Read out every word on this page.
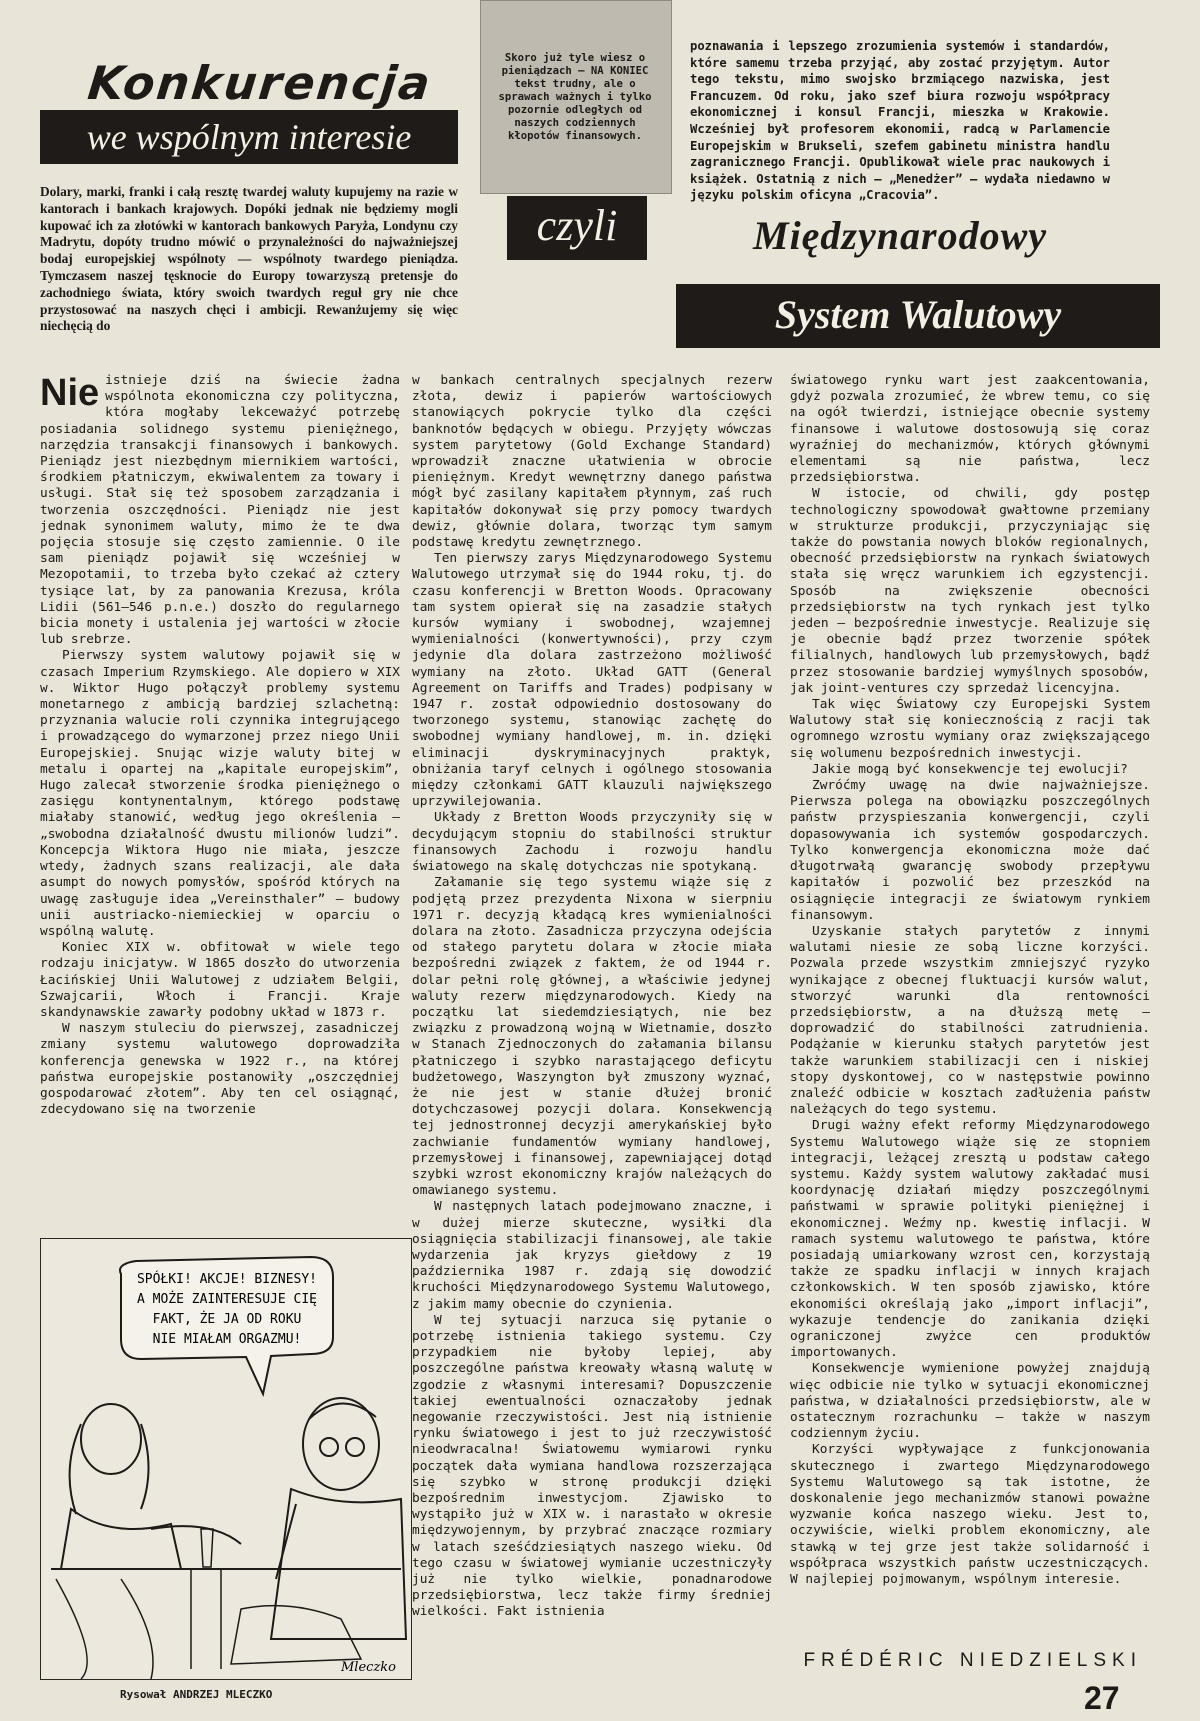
Konkurencja
we wspólnym interesie
Dolary, marki, franki i całą resztę twardej waluty kupujemy na razie w kantorach i bankach krajowych. Dopóki jednak nie będziemy mogli kupować ich za złotówki w kantorach bankowych Paryża, Londynu czy Madrytu, dopóty trudno mówić o przynależności do najważniejszej bodaj europejskiej wspólnoty — wspólnoty twardego pieniądza. Tymczasem naszej tęsknocie do Europy towarzyszą pretensje do zachodniego świata, który swoich twardych reguł gry nie chce przystosować na naszych chęci i ambicji. Rewanżujemy się więc niechęcią do
Skoro już tyle wiesz o pieniądzach — NA KONIEC tekst trudny, ale o sprawach ważnych i tylko pozornie odległych od naszych codziennych kłopotów finansowych.
czyli
poznawania i lepszego zrozumienia systemów i standardów, które samemu trzeba przyjąć, aby zostać przyjętym. Autor tego tekstu, mimo swojsko brzmiącego nazwiska, jest Francuzem. Od roku, jako szef biura rozwoju współpracy ekonomicznej i konsul Francji, mieszka w Krakowie. Wcześniej był profesorem ekonomii, radcą w Parlamencie Europejskim w Brukseli, szefem gabinetu ministra handlu zagranicznego Francji. Opublikował wiele prac naukowych i książek. Ostatnią z nich — „Menedżer” — wydała niedawno w języku polskim oficyna „Cracovia”.
Międzynarodowy
System Walutowy

Nie istnieje dziś na świecie żadna wspólnota ekonomiczna czy polityczna, która mogłaby lekceważyć potrzebę posiadania solidnego systemu pieniężnego, narzędzia transakcji finansowych i bankowych. Pieniądz jest niezbędnym miernikiem wartości, środkiem płatniczym, ekwiwalentem za towary i usługi. Stał się też sposobem zarządzania i tworzenia oszczędności. Pieniądz nie jest jednak synonimem waluty, mimo że te dwa pojęcia stosuje się często zamiennie. O ile sam pieniądz pojawił się wcześniej w Mezopotamii, to trzeba było czekać aż cztery tysiące lat, by za panowania Krezusa, króla Lidii (561—546 p.n.e.) doszło do regularnego bicia monety i ustalenia jej wartości w złocie lub srebrze.

Pierwszy system walutowy pojawił się w czasach Imperium Rzymskiego. Ale dopiero w XIX w. Wiktor Hugo połączył problemy systemu monetarnego z ambicją bardziej szlachetną: przyznania walucie roli czynnika integrującego i prowadzącego do wymarzonej przez niego Unii Europejskiej. Snując wizje waluty bitej w metalu i opartej na „kapitale europejskim”, Hugo zalecał stworzenie środka pieniężnego o zasięgu kontynentalnym, którego podstawę miałaby stanowić, według jego określenia — „swobodna działalność dwustu milionów ludzi”. Koncepcja Wiktora Hugo nie miała, jeszcze wtedy, żadnych szans realizacji, ale dała asumpt do nowych pomysłów, spośród których na uwagę zasługuje idea „Vereinsthaler” — budowy unii austriacko-niemieckiej w oparciu o wspólną walutę.

Koniec XIX w. obfitował w wiele tego rodzaju inicjatyw. W 1865 doszło do utworzenia Łacińskiej Unii Walutowej z udziałem Belgii, Szwajcarii, Włoch i Francji. Kraje skandynawskie zawarły podobny układ w 1873 r.

W naszym stuleciu do pierwszej, zasadniczej zmiany systemu walutowego doprowadziła konferencja genewska w 1922 r., na której państwa europejskie postanowiły „oszczędniej gospodarować złotem”. Aby ten cel osiągnąć, zdecydowano się na tworzenie

SPÓŁKI! AKCJE! BIZNESY!
A MOŻE ZAINTERESUJE CIĘ
FAKT, ŻE JA OD ROKU
NIE MIAŁAM ORGAZMU!
Mleczko
Rysował ANDRZEJ MLECZKO

w bankach centralnych specjalnych rezerw złota, dewiz i papierów wartościowych stanowiących pokrycie tylko dla części banknotów będących w obiegu. Przyjęty wówczas system parytetowy (Gold Exchange Standard) wprowadził znaczne ułatwienia w obrocie pieniężnym. Kredyt wewnętrzny danego państwa mógł być zasilany kapitałem płynnym, zaś ruch kapitałów dokonywał się przy pomocy twardych dewiz, głównie dolara, tworząc tym samym podstawę kredytu zewnętrznego.

Ten pierwszy zarys Międzynarodowego Systemu Walutowego utrzymał się do 1944 roku, tj. do czasu konferencji w Bretton Woods. Opracowany tam system opierał się na zasadzie stałych kursów wymiany i swobodnej, wzajemnej wymienialności (konwertywności), przy czym jedynie dla dolara zastrzeżono możliwość wymiany na złoto. Układ GATT (General Agreement on Tariffs and Trades) podpisany w 1947 r. został odpowiednio dostosowany do tworzonego systemu, stanowiąc zachętę do swobodnej wymiany handlowej, m. in. dzięki eliminacji dyskryminacyjnych praktyk, obniżania taryf celnych i ogólnego stosowania między członkami GATT klauzuli największego uprzywilejowania.

Układy z Bretton Woods przyczyniły się w decydującym stopniu do stabilności struktur finansowych Zachodu i rozwoju handlu światowego na skalę dotychczas nie spotykaną.

Załamanie się tego systemu wiąże się z podjętą przez prezydenta Nixona w sierpniu 1971 r. decyzją kładącą kres wymienialności dolara na złoto. Zasadnicza przyczyna odejścia od stałego parytetu dolara w złocie miała bezpośredni związek z faktem, że od 1944 r. dolar pełni rolę głównej, a właściwie jedynej waluty rezerw międzynarodowych. Kiedy na początku lat siedemdziesiątych, nie bez związku z prowadzoną wojną w Wietnamie, doszło w Stanach Zjednoczonych do załamania bilansu płatniczego i szybko narastającego deficytu budżetowego, Waszyngton był zmuszony wyznać, że nie jest w stanie dłużej bronić dotychczasowej pozycji dolara. Konsekwencją tej jednostronnej decyzji amerykańskiej było zachwianie fundamentów wymiany handlowej, przemysłowej i finansowej, zapewniającej dotąd szybki wzrost ekonomiczny krajów należących do omawianego systemu.

W następnych latach podejmowano znaczne, i w dużej mierze skuteczne, wysiłki dla osiągnięcia stabilizacji finansowej, ale takie wydarzenia jak kryzys giełdowy z 19 października 1987 r. zdają się dowodzić kruchości Międzynarodowego Systemu Walutowego, z jakim mamy obecnie do czynienia.

W tej sytuacji narzuca się pytanie o potrzebę istnienia takiego systemu. Czy przypadkiem nie byłoby lepiej, aby poszczególne państwa kreowały własną walutę w zgodzie z własnymi interesami? Dopuszczenie takiej ewentualności oznaczałoby jednak negowanie rzeczywistości. Jest nią istnienie rynku światowego i jest to już rzeczywistość nieodwracalna! Światowemu wymiarowi rynku początek dała wymiana handlowa rozszerzająca się szybko w stronę produkcji dzięki bezpośrednim inwestycjom. Zjawisko to wystąpiło już w XIX w. i narastało w okresie międzywojennym, by przybrać znaczące rozmiary w latach sześćdziesiątych naszego wieku. Od tego czasu w światowej wymianie uczestniczyły już nie tylko wielkie, ponadnarodowe przedsiębiorstwa, lecz także firmy średniej wielkości. Fakt istnienia

światowego rynku wart jest zaakcentowania, gdyż pozwala zrozumieć, że wbrew temu, co się na ogół twierdzi, istniejące obecnie systemy finansowe i walutowe dostosowują się coraz wyraźniej do mechanizmów, których głównymi elementami są nie państwa, lecz przedsiębiorstwa.

W istocie, od chwili, gdy postęp technologiczny spowodował gwałtowne przemiany w strukturze produkcji, przyczyniając się także do powstania nowych bloków regionalnych, obecność przedsiębiorstw na rynkach światowych stała się wręcz warunkiem ich egzystencji. Sposób na zwiększenie obecności przedsiębiorstw na tych rynkach jest tylko jeden — bezpośrednie inwestycje. Realizuje się je obecnie bądź przez tworzenie spółek filialnych, handlowych lub przemysłowych, bądź przez stosowanie bardziej wymyślnych sposobów, jak joint-ventures czy sprzedaż licencyjna.

Tak więc Światowy czy Europejski System Walutowy stał się koniecznością z racji tak ogromnego wzrostu wymiany oraz zwiększającego się wolumenu bezpośrednich inwestycji.

Jakie mogą być konsekwencje tej ewolucji?

Zwróćmy uwagę na dwie najważniejsze. Pierwsza polega na obowiązku poszczególnych państw przyspieszania konwergencji, czyli dopasowywania ich systemów gospodarczych. Tylko konwergencja ekonomiczna może dać długotrwałą gwarancję swobody przepływu kapitałów i pozwolić bez przeszkód na osiągnięcie integracji ze światowym rynkiem finansowym.

Uzyskanie stałych parytetów z innymi walutami niesie ze sobą liczne korzyści. Pozwala przede wszystkim zmniejszyć ryzyko wynikające z obecnej fluktuacji kursów walut, stworzyć warunki dla rentowności przedsiębiorstw, a na dłuższą metę — doprowadzić do stabilności zatrudnienia. Podążanie w kierunku stałych parytetów jest także warunkiem stabilizacji cen i niskiej stopy dyskontowej, co w następstwie powinno znaleźć odbicie w kosztach zadłużenia państw należących do tego systemu.

Drugi ważny efekt reformy Międzynarodowego Systemu Walutowego wiąże się ze stopniem integracji, leżącej zresztą u podstaw całego systemu. Każdy system walutowy zakładać musi koordynację działań między poszczególnymi państwami w sprawie polityki pieniężnej i ekonomicznej. Weźmy np. kwestię inflacji. W ramach systemu walutowego te państwa, które posiadają umiarkowany wzrost cen, korzystają także ze spadku inflacji w innych krajach członkowskich. W ten sposób zjawisko, które ekonomiści określają jako „import inflacji”, wykazuje tendencje do zanikania dzięki ograniczonej zwyżce cen produktów importowanych.

Konsekwencje wymienione powyżej znajdują więc odbicie nie tylko w sytuacji ekonomicznej państwa, w działalności przedsiębiorstw, ale w ostatecznym rozrachunku — także w naszym codziennym życiu.

Korzyści wypływające z funkcjonowania skutecznego i zwartego Międzynarodowego Systemu Walutowego są tak istotne, że doskonalenie jego mechanizmów stanowi poważne wyzwanie końca naszego wieku. Jest to, oczywiście, wielki problem ekonomiczny, ale stawką w tej grze jest także solidarność i współpraca wszystkich państw uczestniczących. W najlepiej pojmowanym, wspólnym interesie.

FRÉDÉRIC NIEDZIELSKI
27
